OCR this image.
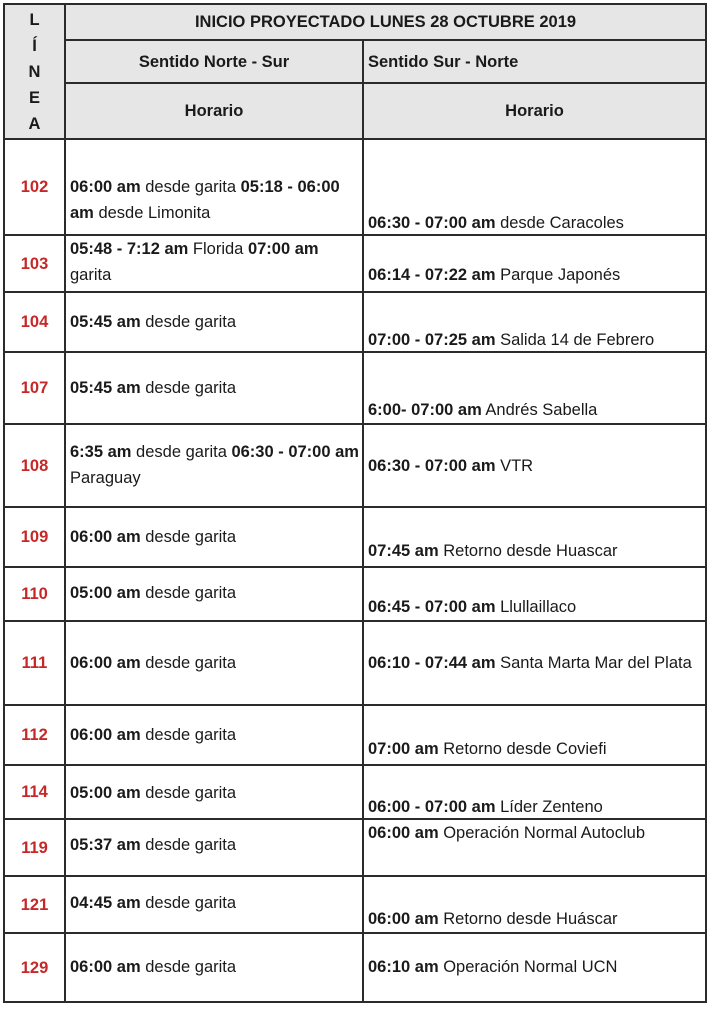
L
Í
N
E
A	INICIO PROYECTADO LUNES 28 OCTUBRE 2019	
	Sentido Norte - Sur	Sentido Sur - Norte
	Horario	Horario
102	06:00 am desde garita 05:18 - 06:00 am desde Limonita	06:30 - 07:00 am desde Caracoles

103	05:48 - 7:12 am Florida 07:00 am garita	06:14 - 07:22 am Parque Japonés

104	05:45 am desde garita	07:00 - 07:25 am Salida 14 de Febrero

107	05:45 am desde garita	6:00- 07:00 am Andrés Sabella

108	6:35 am desde garita 06:30 - 07:00 am Paraguay	06:30 - 07:00 am VTR

109	06:00 am desde garita	07:45 am Retorno desde Huascar

110	05:00 am desde garita	06:45 - 07:00 am Llullaillaco

111	06:00 am desde garita	06:10 - 07:44 am Santa Marta Mar del Plata

112	06:00 am desde garita	07:00 am Retorno desde Coviefi

114	05:00 am desde garita	06:00 - 07:00 am Líder Zenteno

119	05:37 am desde garita	06:00 am Operación Normal Autoclub

121	04:45 am desde garita	06:00 am Retorno desde Huáscar

129	06:00 am desde garita	06:10 am Operación Normal UCN
